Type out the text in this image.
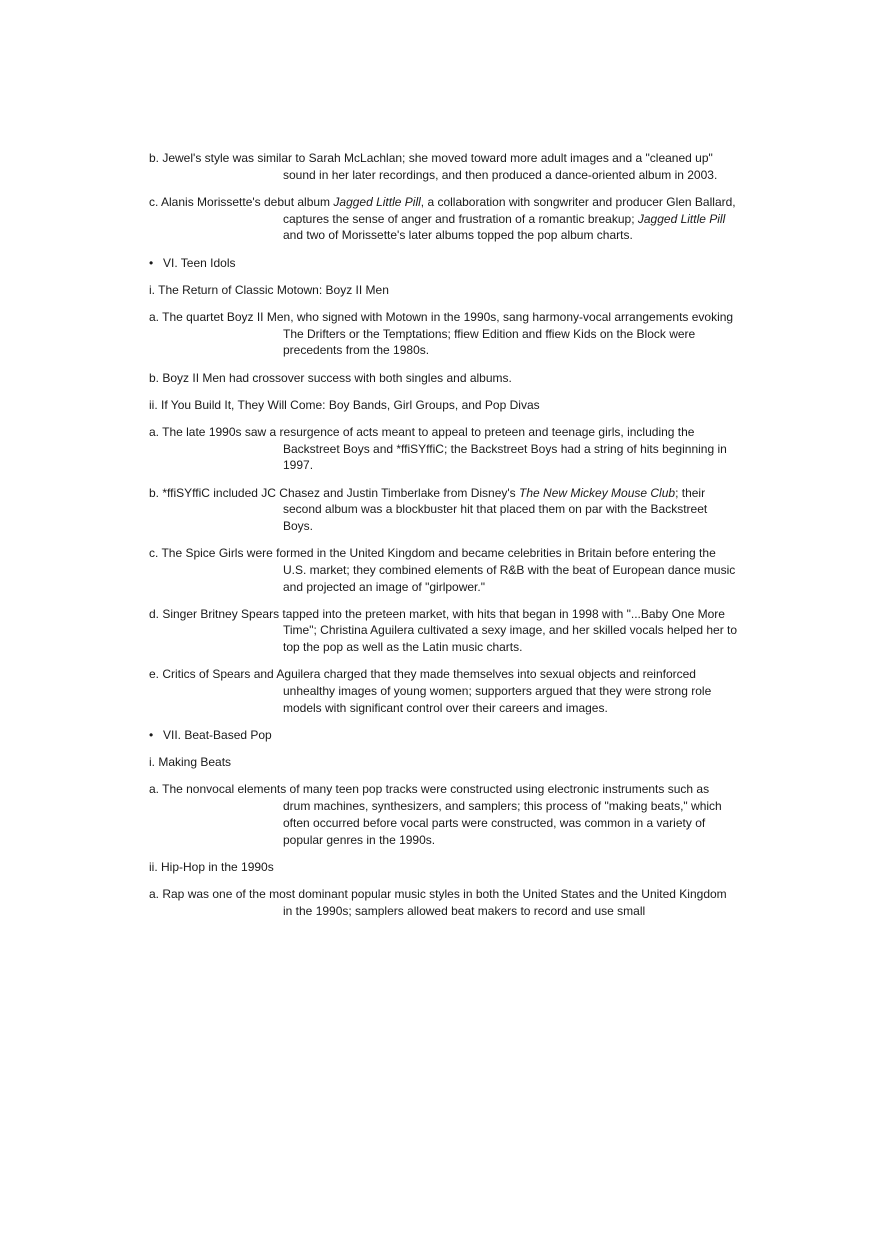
b. Jewel's style was similar to Sarah McLachlan; she moved toward more adult images and a "cleaned up" sound in her later recordings, and then produced a dance-oriented album in 2003.

c. Alanis Morissette's debut album Jagged Little Pill, a collaboration with songwriter and producer Glen Ballard, captures the sense of anger and frustration of a romantic breakup; Jagged Little Pill and two of Morissette's later albums topped the pop album charts.

• VI. Teen Idols

i. The Return of Classic Motown: Boyz II Men

a. The quartet Boyz II Men, who signed with Motown in the 1990s, sang harmony-vocal arrangements evoking The Drifters or the Temptations; ffiew Edition and ffiew Kids on the Block were precedents from the 1980s.

b. Boyz II Men had crossover success with both singles and albums.

ii. If You Build It, They Will Come: Boy Bands, Girl Groups, and Pop Divas

a. The late 1990s saw a resurgence of acts meant to appeal to preteen and teenage girls, including the Backstreet Boys and *ffiSYffiC; the Backstreet Boys had a string of hits beginning in 1997.

b. *ffiSYffiC included JC Chasez and Justin Timberlake from Disney's The New Mickey Mouse Club; their second album was a blockbuster hit that placed them on par with the Backstreet Boys.

c. The Spice Girls were formed in the United Kingdom and became celebrities in Britain before entering the U.S. market; they combined elements of R&B with the beat of European dance music and projected an image of "girlpower."

d. Singer Britney Spears tapped into the preteen market, with hits that began in 1998 with "...Baby One More Time"; Christina Aguilera cultivated a sexy image, and her skilled vocals helped her to top the pop as well as the Latin music charts.

e. Critics of Spears and Aguilera charged that they made themselves into sexual objects and reinforced unhealthy images of young women; supporters argued that they were strong role models with significant control over their careers and images.

• VII. Beat-Based Pop

i. Making Beats

a. The nonvocal elements of many teen pop tracks were constructed using electronic instruments such as drum machines, synthesizers, and samplers; this process of "making beats," which often occurred before vocal parts were constructed, was common in a variety of popular genres in the 1990s.

ii. Hip-Hop in the 1990s

a. Rap was one of the most dominant popular music styles in both the United States and the United Kingdom in the 1990s; samplers allowed beat makers to record and use small
